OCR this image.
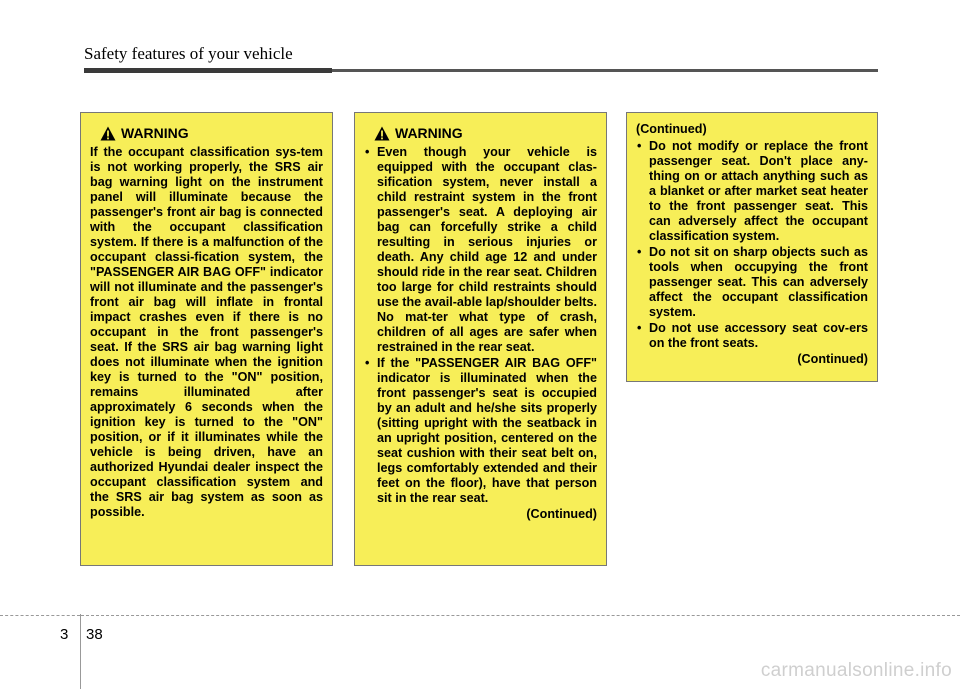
Safety features of your vehicle
WARNING
If the occupant classification sys-tem is not working properly, the SRS air bag warning light on the instrument panel will illuminate because the passenger's front air bag is connected with the occupant classification system. If there is a malfunction of the occupant classi-fication system, the "PASSENGER AIR BAG OFF" indicator will not illuminate and the passenger's front air bag will inflate in frontal impact crashes even if there is no occupant in the front passenger's seat. If the SRS air bag warning light does not illuminate when the ignition key is turned to the "ON" position, remains illuminated after approximately 6 seconds when the ignition key is turned to the "ON" position, or if it illuminates while the vehicle is being driven, have an authorized Hyundai dealer inspect the occupant classification system and the SRS air bag system as soon as possible.
WARNING
• Even though your vehicle is equipped with the occupant clas-sification system, never install a child restraint system in the front passenger's seat. A deploying air bag can forcefully strike a child resulting in serious injuries or death. Any child age 12 and under should ride in the rear seat. Children too large for child restraints should use the avail-able lap/shoulder belts. No mat-ter what type of crash, children of all ages are safer when restrained in the rear seat.
• If the "PASSENGER AIR BAG OFF" indicator is illuminated when the front passenger's seat is occupied by an adult and he/she sits properly (sitting upright with the seatback in an upright position, centered on the seat cushion with their seat belt on, legs comfortably extended and their feet on the floor), have that person sit in the rear seat.
(Continued)
(Continued)
• Do not modify or replace the front passenger seat. Don't place any-thing on or attach anything such as a blanket or after market seat heater to the front passenger seat. This can adversely affect the occupant classification system.
• Do not sit on sharp objects such as tools when occupying the front passenger seat. This can adversely affect the occupant classification system.
• Do not use accessory seat cov-ers on the front seats.
(Continued)
3 38
carmanualsonline.info
